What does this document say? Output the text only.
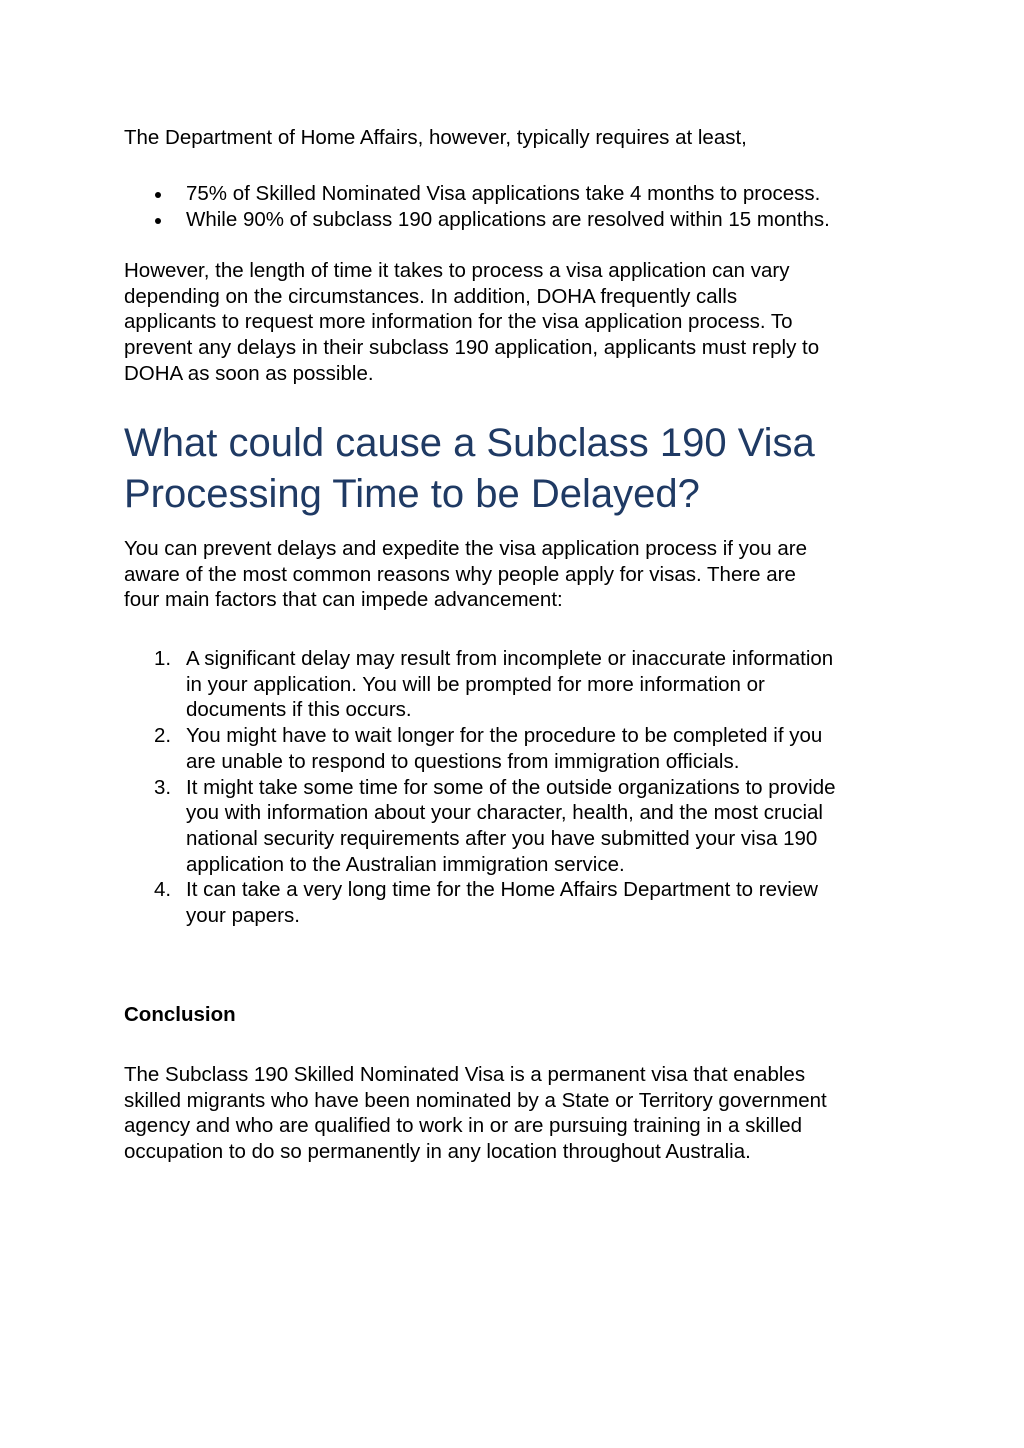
The Department of Home Affairs, however, typically requires at least,

75% of Skilled Nominated Visa applications take 4 months to process.
While 90% of subclass 190 applications are resolved within 15 months.

However, the length of time it takes to process a visa application can vary
depending on the circumstances. In addition, DOHA frequently calls
applicants to request more information for the visa application process. To
prevent any delays in their subclass 190 application, applicants must reply to
DOHA as soon as possible.

What could cause a Subclass 190 Visa
Processing Time to be Delayed?

You can prevent delays and expedite the visa application process if you are
aware of the most common reasons why people apply for visas. There are
four main factors that can impede advancement:

1. A significant delay may result from incomplete or inaccurate information
in your application. You will be prompted for more information or
documents if this occurs.
2. You might have to wait longer for the procedure to be completed if you
are unable to respond to questions from immigration officials.
3. It might take some time for some of the outside organizations to provide
you with information about your character, health, and the most crucial
national security requirements after you have submitted your visa 190
application to the Australian immigration service.
4. It can take a very long time for the Home Affairs Department to review
your papers.
Conclusion

The Subclass 190 Skilled Nominated Visa is a permanent visa that enables
skilled migrants who have been nominated by a State or Territory government
agency and who are qualified to work in or are pursuing training in a skilled
occupation to do so permanently in any location throughout Australia.
